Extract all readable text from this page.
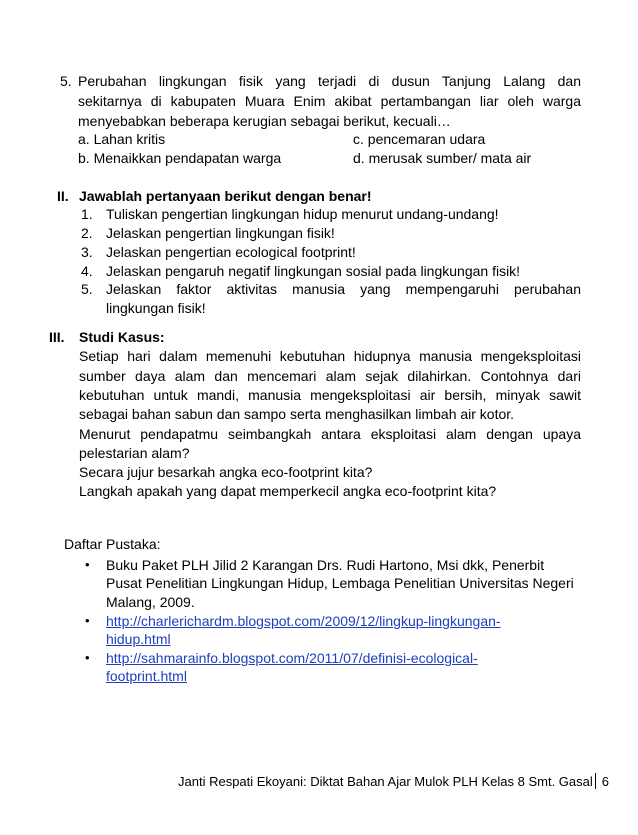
5. Perubahan lingkungan fisik yang terjadi di dusun Tanjung Lalang dan
sekitarnya di kabupaten Muara Enim akibat pertambangan liar oleh warga
menyebabkan beberapa kerugian sebagai berikut, kecuali…
a. Lahan kritis	c. pencemaran udara
b. Menaikkan pendapatan warga	d. merusak sumber/ mata air
II. Jawablah pertanyaan berikut dengan benar!
1. Tuliskan pengertian lingkungan hidup menurut undang-undang!
2. Jelaskan pengertian lingkungan fisik!
3. Jelaskan pengertian ecological footprint!
4. Jelaskan pengaruh negatif lingkungan sosial pada lingkungan fisik!
5. Jelaskan faktor aktivitas manusia yang mempengaruhi perubahan
lingkungan fisik!
III. Studi Kasus:
Setiap hari dalam memenuhi kebutuhan hidupnya manusia mengeksploitasi
sumber daya alam dan mencemari alam sejak dilahirkan. Contohnya dari
kebutuhan untuk mandi, manusia mengeksploitasi air bersih, minyak sawit
sebagai bahan sabun dan sampo serta menghasilkan limbah air kotor.
Menurut pendapatmu seimbangkah antara eksploitasi alam dengan upaya
pelestarian alam?
Secara jujur besarkah angka eco-footprint kita?
Langkah apakah yang dapat memperkecil angka eco-footprint kita?
Daftar Pustaka:
• Buku Paket PLH Jilid 2 Karangan Drs. Rudi Hartono, Msi dkk, Penerbit
Pusat Penelitian Lingkungan Hidup, Lembaga Penelitian Universitas Negeri
Malang, 2009.
• http://charlerichardm.blogspot.com/2009/12/lingkup-lingkungan-
hidup.html
• http://sahmarainfo.blogspot.com/2011/07/definisi-ecological-
footprint.html
Janti Respati Ekoyani: Diktat Bahan Ajar Mulok PLH Kelas 8 Smt. Gasal 6
